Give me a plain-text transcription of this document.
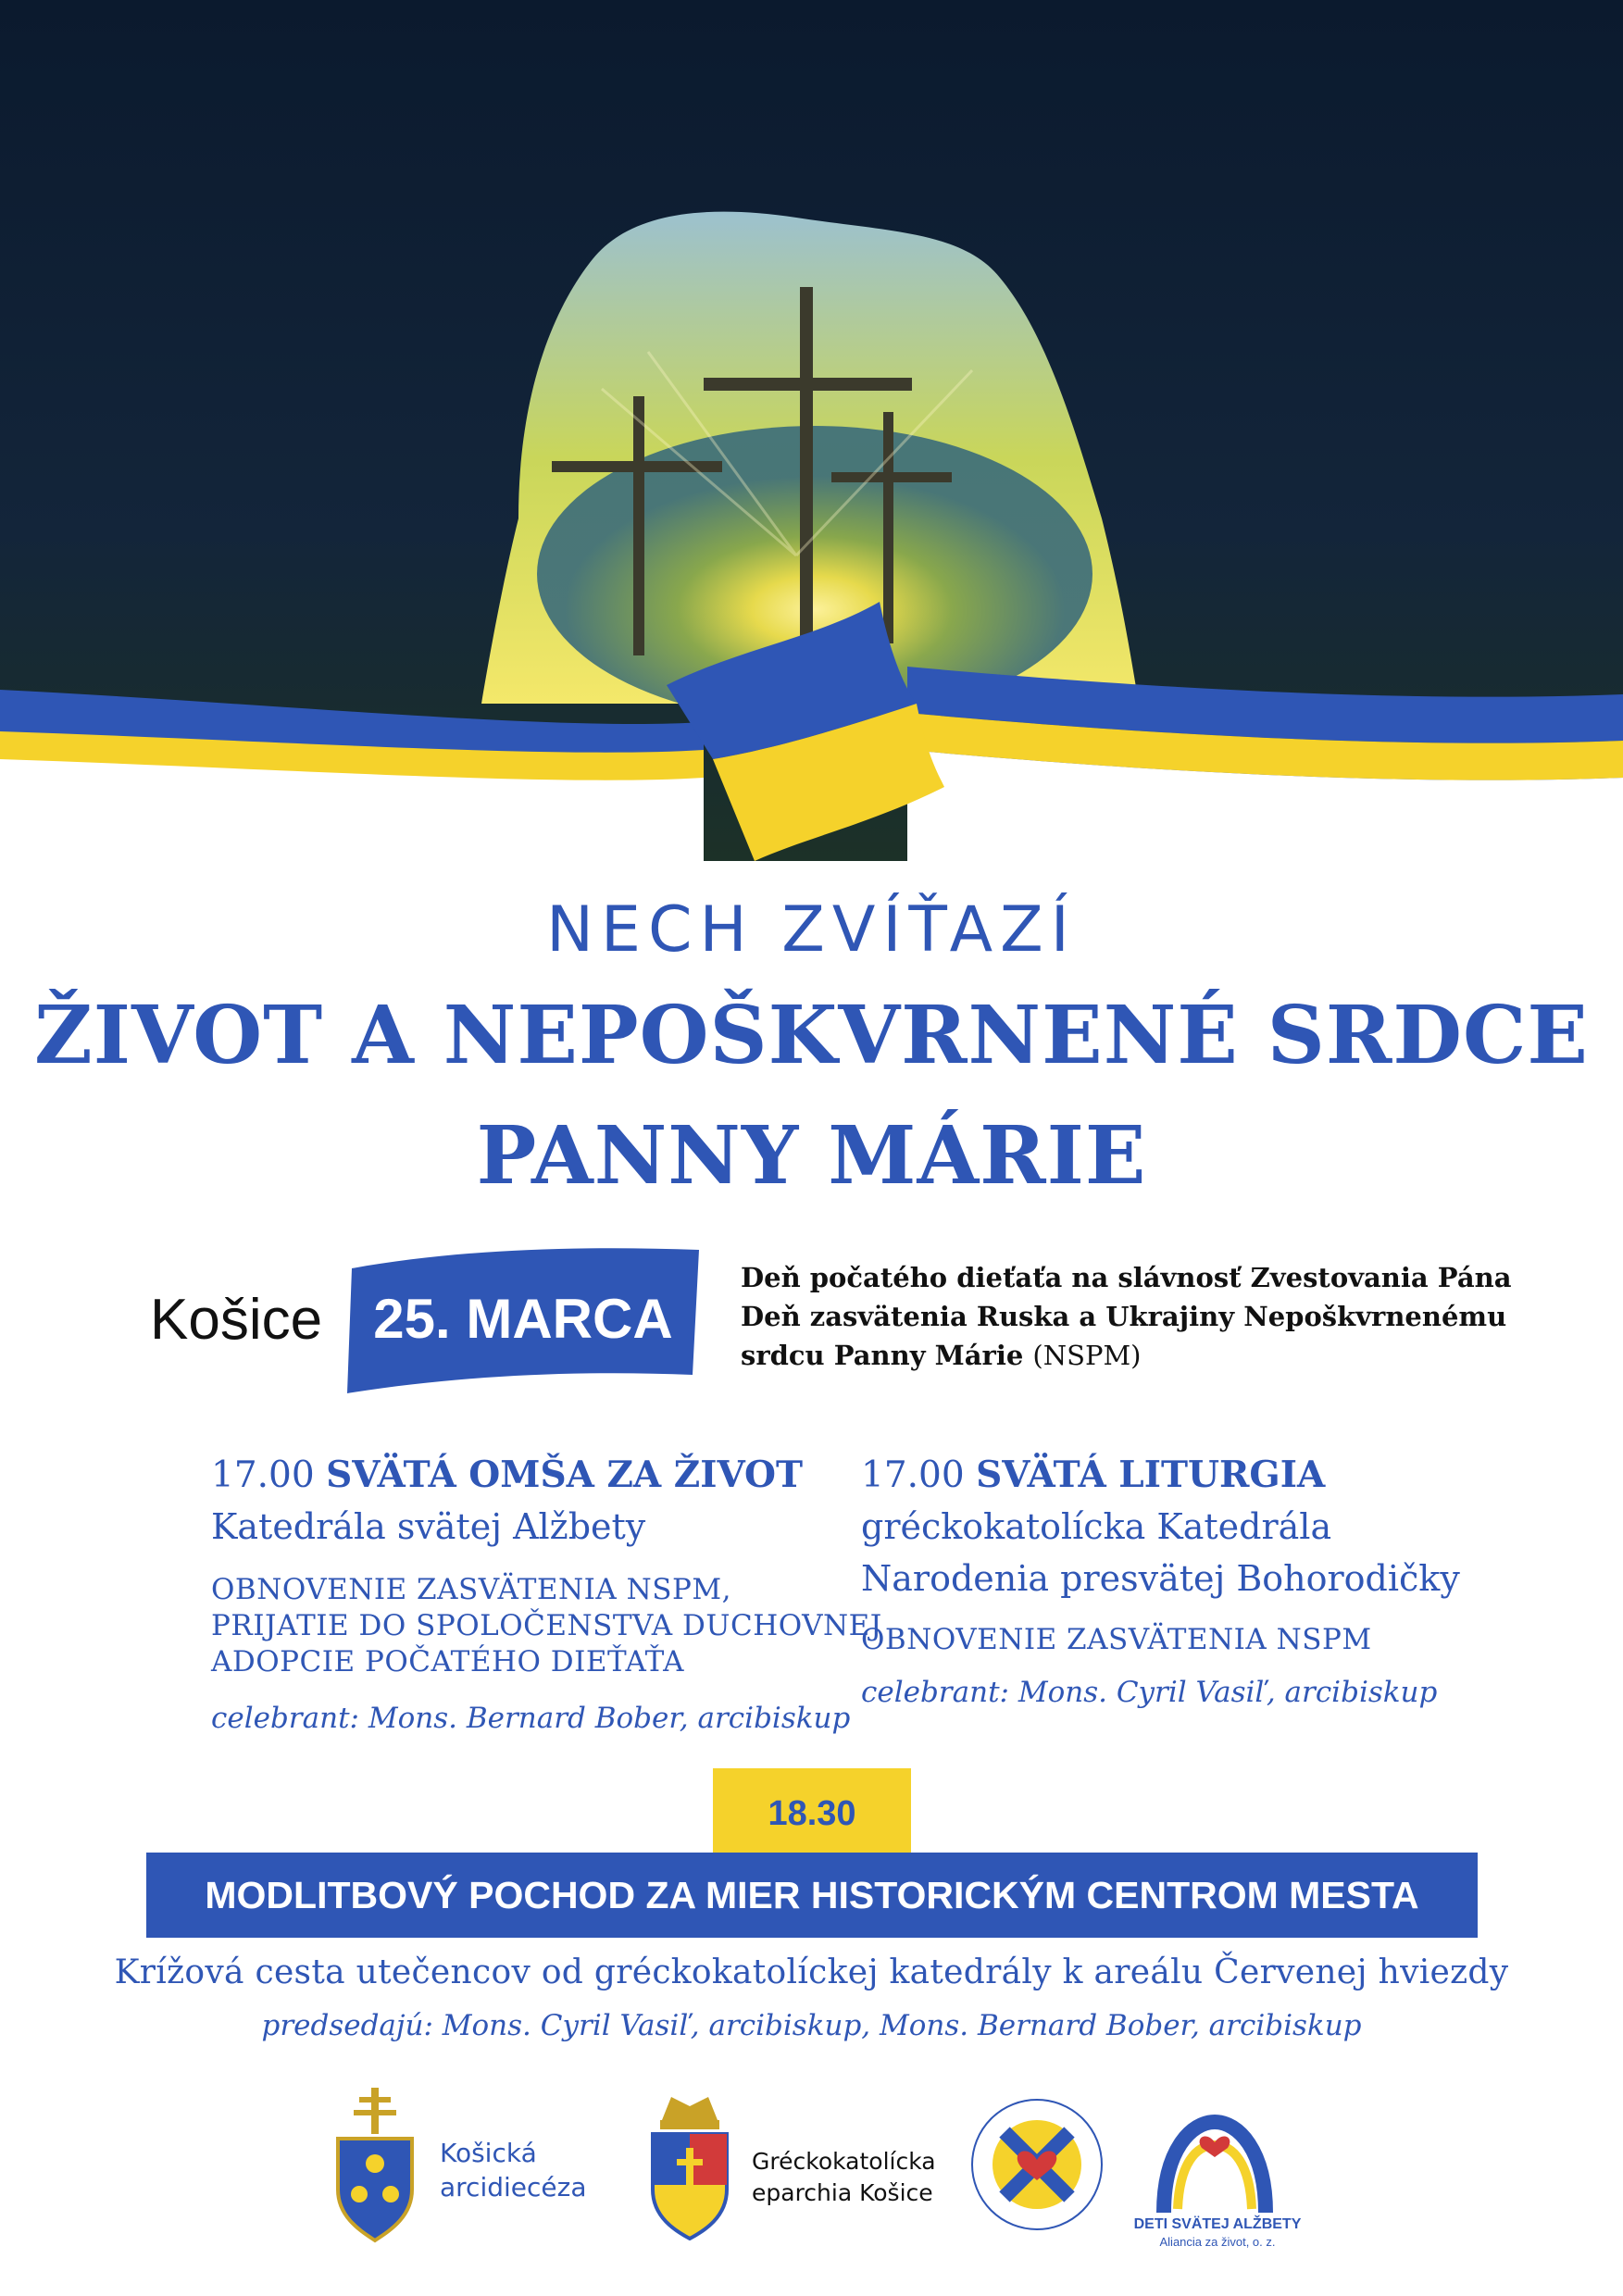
NECH ZVÍŤAZÍ
ŽIVOT A NEPOŠKVRNENÉ SRDCE
PANNY MÁRIE
Košice 25. MARCA
Deň počatého dieťaťa na slávnosť Zvestovania Pána
Deň zasvätenia Ruska a Ukrajiny Nepoškvrnenému
srdcu Panny Márie (NSPM)
17.00 SVÄTÁ OMŠA ZA ŽIVOT
Katedrála svätej Alžbety
OBNOVENIE ZASVÄTENIA NSPM,
PRIJATIE DO SPOLOČENSTVA DUCHOVNEJ
ADOPCIE POČATÉHO DIEŤAŤA
celebrant: Mons. Bernard Bober, arcibiskup
17.00 SVÄTÁ LITURGIA
gréckokatolícka Katedrála
Narodenia presvätej Bohorodičky
OBNOVENIE ZASVÄTENIA NSPM
celebrant: Mons. Cyril Vasiľ, arcibiskup
18.30
MODLITBOVÝ POCHOD ZA MIER HISTORICKÝM CENTROM MESTA
Krížová cesta utečencov od gréckokatolíckej katedrály k areálu Červenej hviezdy
predsedajú: Mons. Cyril Vasiľ, arcibiskup, Mons. Bernard Bober, arcibiskup
Košická
arcidiecéza
Gréckokatolícka
eparchia Košice
DETI SVÄTEJ ALŽBETY
Aliancia za život, o. z.
